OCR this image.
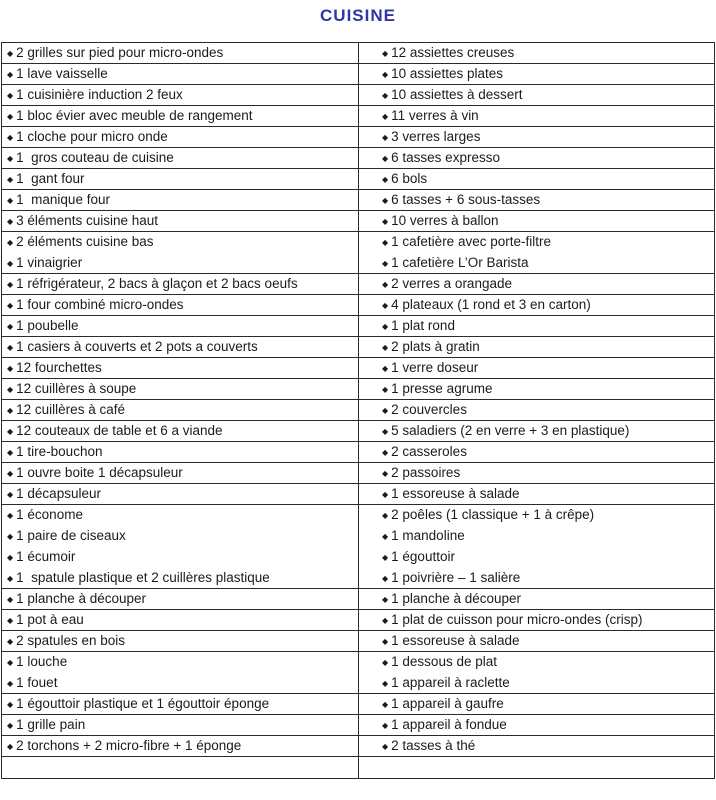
CUISINE
◆ 2 grilles sur pied pour micro-ondes
◆ 1 lave vaisselle
◆ 1 cuisinière induction 2 feux
◆ 1 bloc évier avec meuble de rangement
◆ 1 cloche pour micro onde
◆ 1  gros couteau de cuisine
◆ 1  gant four
◆ 1  manique four
◆ 3 éléments cuisine haut
◆ 2 éléments cuisine bas
◆ 1 vinaigrier
◆ 1 réfrigérateur, 2 bacs à glaçon et 2 bacs oeufs
◆ 1 four combiné micro-ondes
◆ 1 poubelle
◆ 1 casiers à couverts et 2 pots a couverts
◆ 12 fourchettes
◆ 12 cuillères à soupe
◆ 12 cuillères à café
◆ 12 couteaux de table et 6 a viande
◆ 1 tire-bouchon
◆ 1 ouvre boite 1 décapsuleur
◆ 1 décapsuleur
◆ 1 économe
◆ 1 paire de ciseaux
◆ 1 écumoir
◆ 1  spatule plastique et 2 cuillères plastique
◆ 1 planche à découper
◆ 1 pot à eau
◆ 2 spatules en bois
◆ 1 louche
◆ 1 fouet
◆ 1 égouttoir plastique et 1 égouttoir éponge
◆ 1 grille pain
◆ 2 torchons + 2 micro-fibre + 1 éponge
◆ 12 assiettes creuses
◆ 10 assiettes plates
◆ 10 assiettes à dessert
◆ 11 verres à vin
◆ 3 verres larges
◆ 6 tasses expresso
◆ 6 bols
◆ 6 tasses + 6 sous-tasses
◆ 10 verres à ballon
◆ 1 cafetière avec porte-filtre
◆ 1 cafetière L’Or Barista
◆ 2 verres a orangade
◆ 4 plateaux (1 rond et 3 en carton)
◆ 1 plat rond
◆ 2 plats à gratin
◆ 1 verre doseur
◆ 1 presse agrume
◆ 2 couvercles
◆ 5 saladiers (2 en verre + 3 en plastique)
◆ 2 casseroles
◆ 2 passoires
◆ 1 essoreuse à salade
◆ 2 poêles (1 classique + 1 à crêpe)
◆ 1 mandoline
◆ 1 égouttoir
◆ 1 poivrière – 1 salière
◆ 1 planche à découper
◆ 1 plat de cuisson pour micro-ondes (crisp)
◆ 1 essoreuse à salade
◆ 1 dessous de plat
◆ 1 appareil à raclette
◆ 1 appareil à gaufre
◆ 1 appareil à fondue
◆ 2 tasses à thé
